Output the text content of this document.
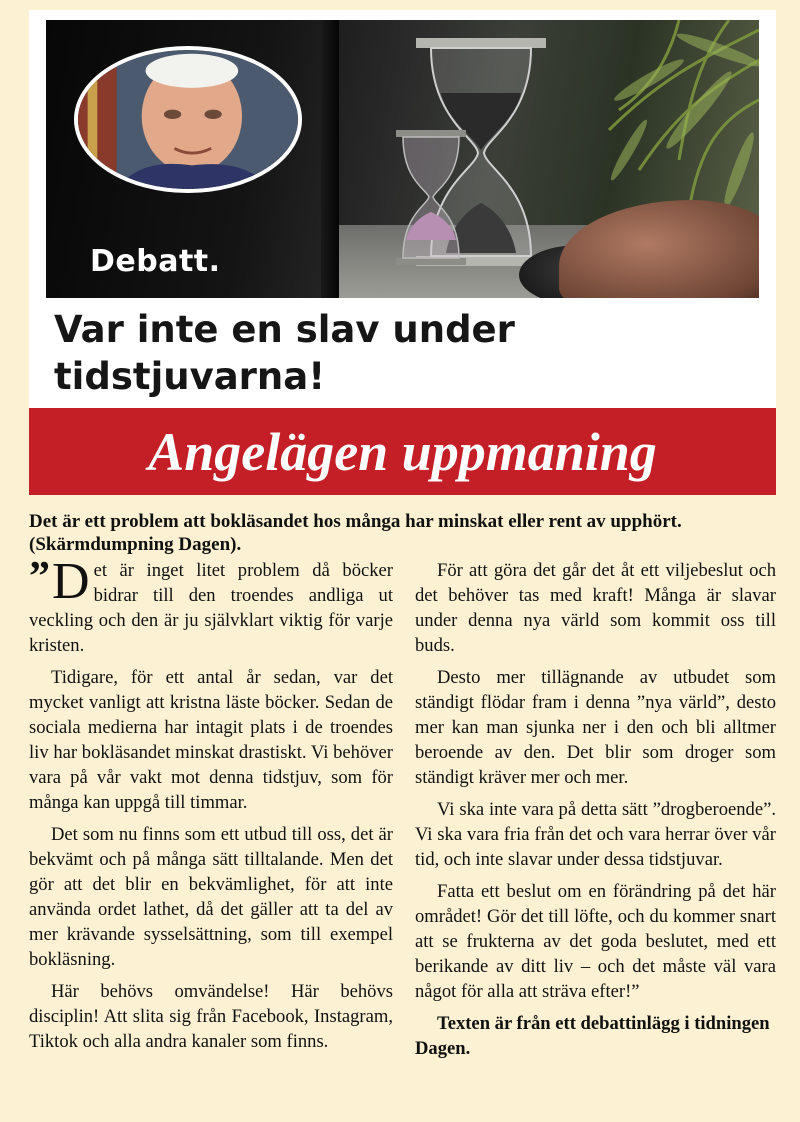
Debatt.
Var inte en slav under tidstjuvarna!
Angelägen uppmaning
Det är ett problem att bokläsandet hos många har minskat eller rent av upphört. (Skärmdumpning Dagen).

” D et är inget litet problem då böcker bidrar till den troendes andliga ut veckling och den är ju självklart viktig för varje kristen.

Tidigare, för ett antal år sedan, var det mycket vanligt att kristna läste böcker. Sedan de sociala medierna har intagit plats i de troendes liv har bokläsandet minskat drastiskt. Vi behöver vara på vår vakt mot denna tidstjuv, som för många kan uppgå till timmar.

Det som nu finns som ett utbud till oss, det är bekvämt och på många sätt tilltalande. Men det gör att det blir en bekvämlighet, för att inte använda ordet lathet, då det gäller att ta del av mer krävande sysselsättning, som till exempel bokläsning.

Här behövs omvändelse! Här behövs disciplin! Att slita sig från Facebook, Instagram, Tiktok och alla andra kanaler som finns.

För att göra det går det åt ett viljebeslut och det behöver tas med kraft! Många är slavar under denna nya värld som kommit oss till buds.

Desto mer tillägnande av utbudet som ständigt flödar fram i denna ”nya värld”, desto mer kan man sjunka ner i den och bli alltmer beroende av den. Det blir som droger som ständigt kräver mer och mer.

Vi ska inte vara på detta sätt ”drogberoende”. Vi ska vara fria från det och vara herrar över vår tid, och inte slavar under dessa tidstjuvar.

Fatta ett beslut om en förändring på det här området! Gör det till löfte, och du kommer snart att se frukterna av det goda beslutet, med ett berikande av ditt liv – och det måste väl vara något för alla att sträva efter!”

Texten är från ett debattinlägg i tidningen Dagen.
